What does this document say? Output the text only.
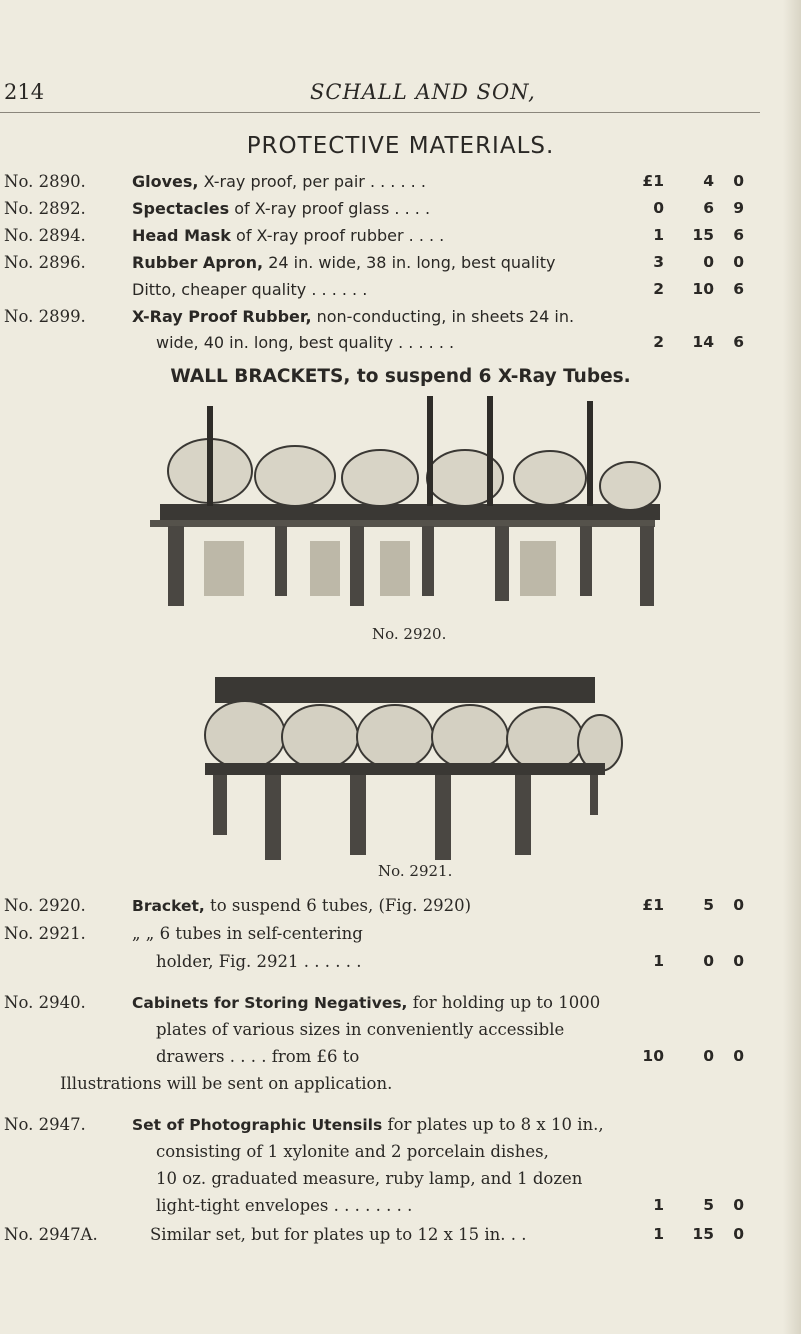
214	SCHALL AND SON,
PROTECTIVE MATERIALS.
No. 2890.	Gloves, X-ray proof, per pair . . . . . .	£1	4	0
No. 2892.	Spectacles of X-ray proof glass . . . .	0	6	9
No. 2894.	Head Mask of X-ray proof rubber . . . .	1	15	6
No. 2896.	Rubber Apron, 24 in. wide, 38 in. long, best quality	3	0	0
Ditto, cheaper quality . . . . . .	2	10	6
No. 2899.	X-Ray Proof Rubber, non-conducting, in sheets 24 in.
wide, 40 in. long, best quality . . . . . .	2	14	6
WALL BRACKETS, to suspend 6 X-Ray Tubes.
No. 2920.
No. 2921.
No. 2920.	Bracket, to suspend 6 tubes, (Fig. 2920)	£1	5	0
No. 2921.	„ „ 6 tubes in self-centering
holder, Fig. 2921 . . . . . .	1	0	0
No. 2940.	Cabinets for Storing Negatives, for holding up to 1000
plates of various sizes in conveniently accessible
drawers . . . . from £6 to	10	0	0
Illustrations will be sent on application.
No. 2947.	Set of Photographic Utensils for plates up to 8 x 10 in.,
consisting of 1 xylonite and 2 porcelain dishes,
10 oz. graduated measure, ruby lamp, and 1 dozen
light-tight envelopes . . . . . . . .	1	5	0
No. 2947A.	Similar set, but for plates up to 12 x 15 in. . .	1	15	0
